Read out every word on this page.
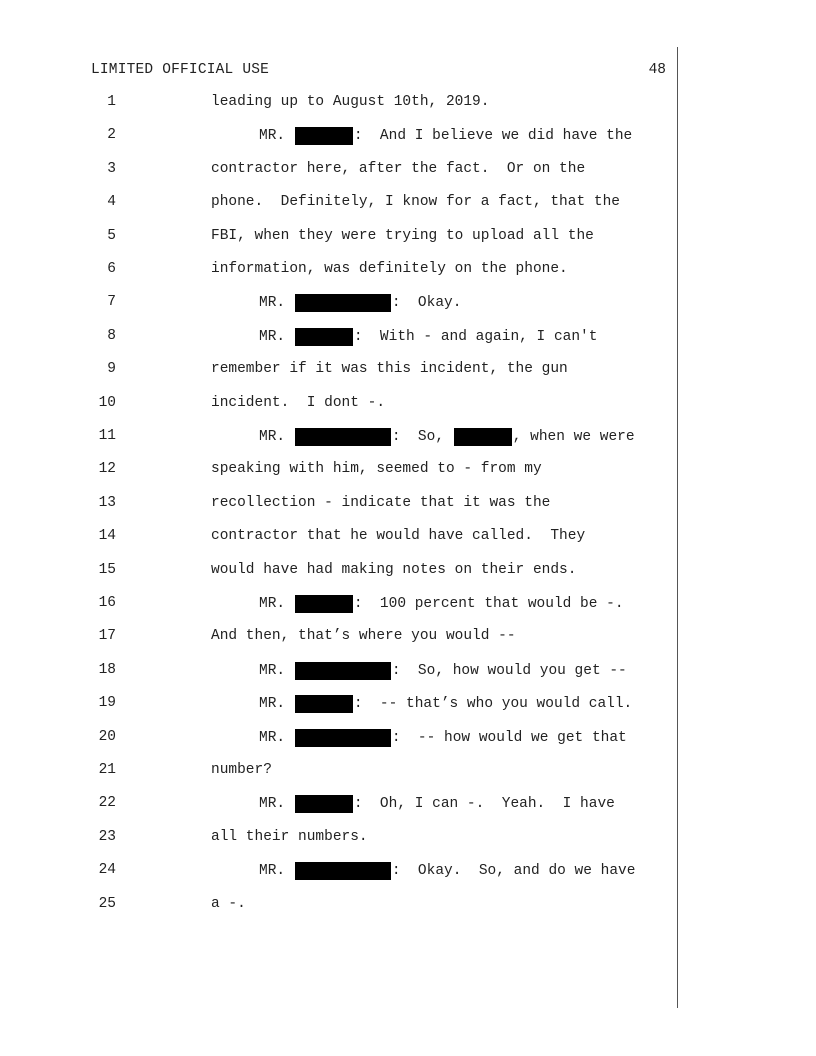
LIMITED OFFICIAL USE	48
1	leading up to August 10th, 2019.
2	MR.	:  And I believe we did have the
3	contractor here, after the fact.  Or on the
4	phone.  Definitely, I know for a fact, that the
5	FBI, when they were trying to upload all the
6	information, was definitely on the phone.
7	MR.	:  Okay.
8	MR.	:  With - and again, I can't
9	remember if it was this incident, the gun
10	incident.  I dont -.
11	MR.	:  So,	, when we were
12	speaking with him, seemed to - from my
13	recollection - indicate that it was the
14	contractor that he would have called.  They
15	would have had making notes on their ends.
16	MR.	:  100 percent that would be -.
17	And then, that’s where you would --
18	MR.	:  So, how would you get --
19	MR.	:  -- that’s who you would call.
20	MR.	:  -- how would we get that
21	number?
22	MR.	:  Oh, I can -.  Yeah.  I have
23	all their numbers.
24	MR.	:  Okay.  So, and do we have
25	a -.
